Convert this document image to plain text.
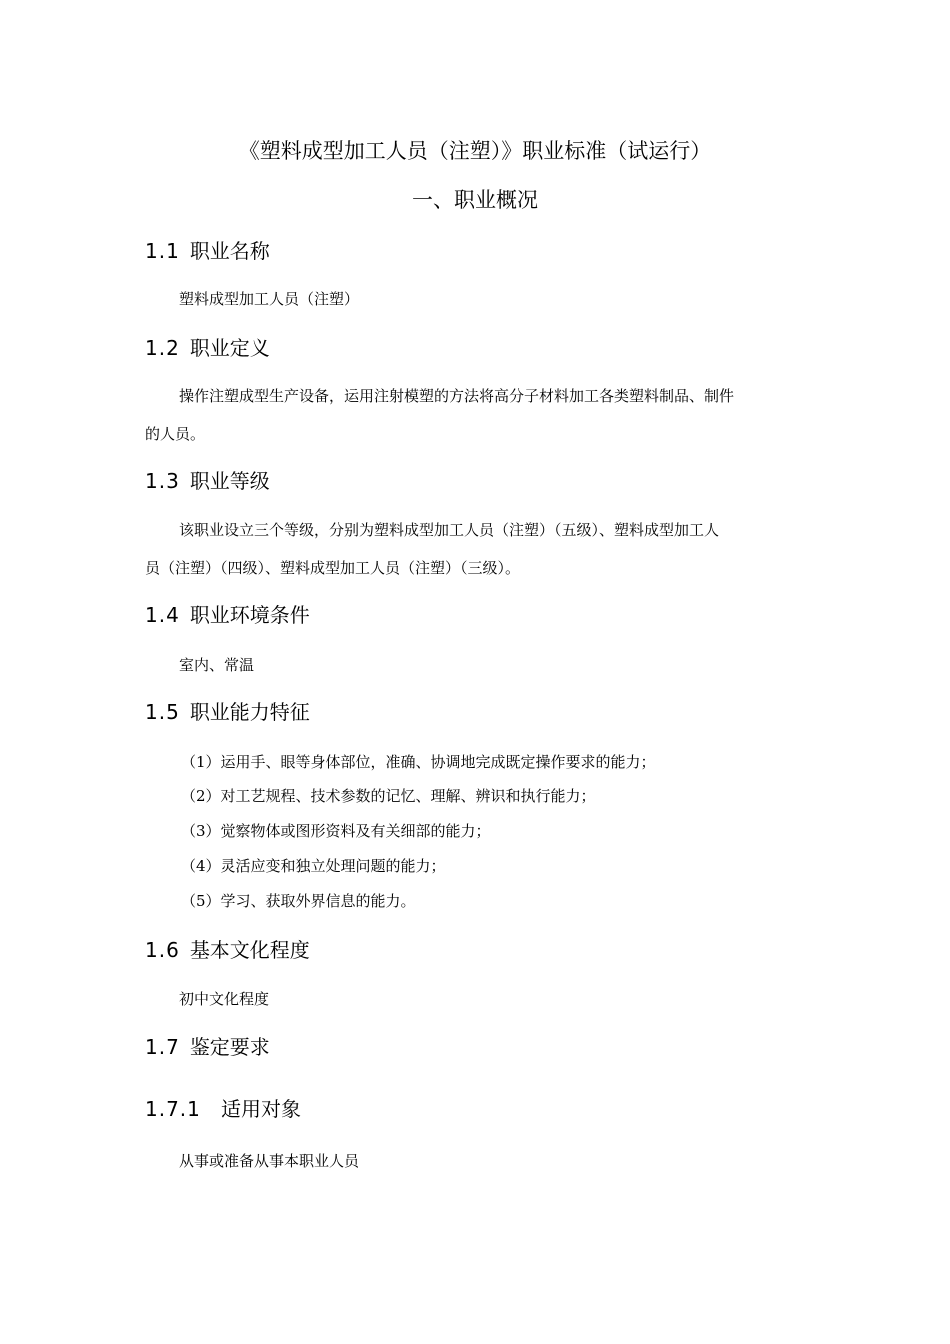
《塑料成型加工人员（注塑）》职业标准（试运行）
一、职业概况
1.1 职业名称

塑料成型加工人员（注塑）

1.2 职业定义

操作注塑成型生产设备，运用注射模塑的方法将高分子材料加工各类塑料制品、制件

的人员。

1.3 职业等级

该职业设立三个等级，分别为塑料成型加工人员（注塑）（五级）、塑料成型加工人

员（注塑）（四级）、塑料成型加工人员（注塑）（三级）。

1.4 职业环境条件

室内、常温

1.5 职业能力特征

（1）运用手、眼等身体部位，准确、协调地完成既定操作要求的能力；

（2）对工艺规程、技术参数的记忆、理解、辨识和执行能力；

（3）觉察物体或图形资料及有关细部的能力；

（4）灵活应变和独立处理问题的能力；

（5）学习、获取外界信息的能力。

1.6 基本文化程度

初中文化程度

1.7 鉴定要求
1.7.1 适用对象

从事或准备从事本职业人员
